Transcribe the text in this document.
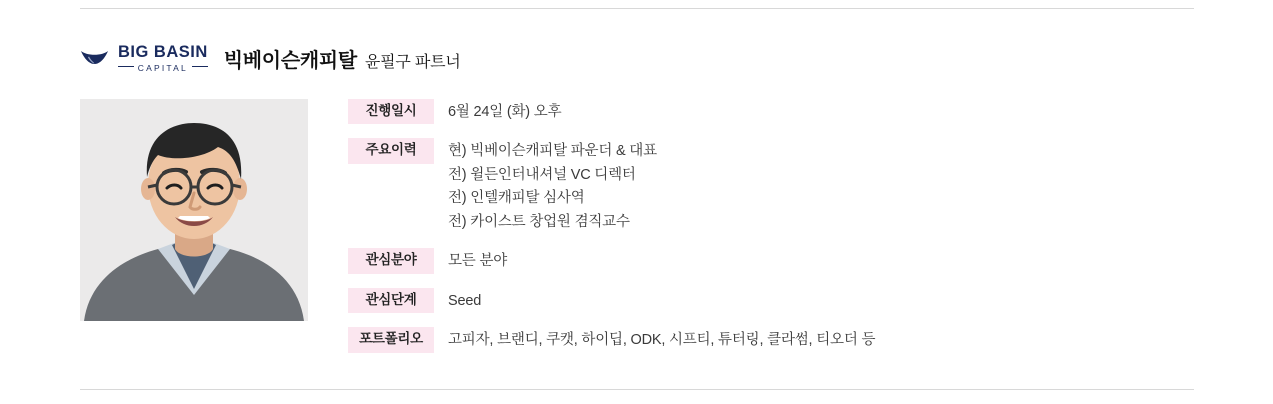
BIG BASIN
CAPITAL 빅베이슨캐피탈 윤필구 파트너
진행일시	6월 24일 (화) 오후
주요이력	현) 빅베이슨캐피탈 파운더 & 대표
전) 윌든인터내셔널 VC 디렉터
전) 인텔캐피탈 심사역
전) 카이스트 창업원 겸직교수
관심분야	모든 분야
관심단계	Seed
포트폴리오	고피자, 브랜디, 쿠캣, 하이딥, ODK, 시프티, 튜터링, 클라썸, 티오더 등
